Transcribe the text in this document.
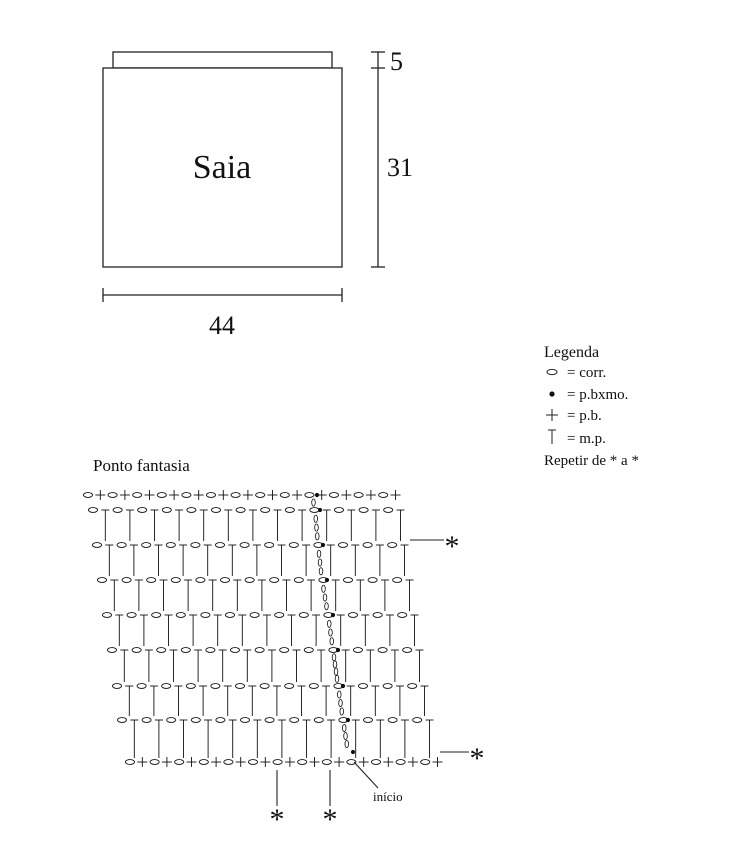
Saia
5
31
44
Legenda
= corr.
= p.bxmo.
= p.b.
= m.p.
Repetir de * a *
Ponto fantasia
*
*
* *
início
